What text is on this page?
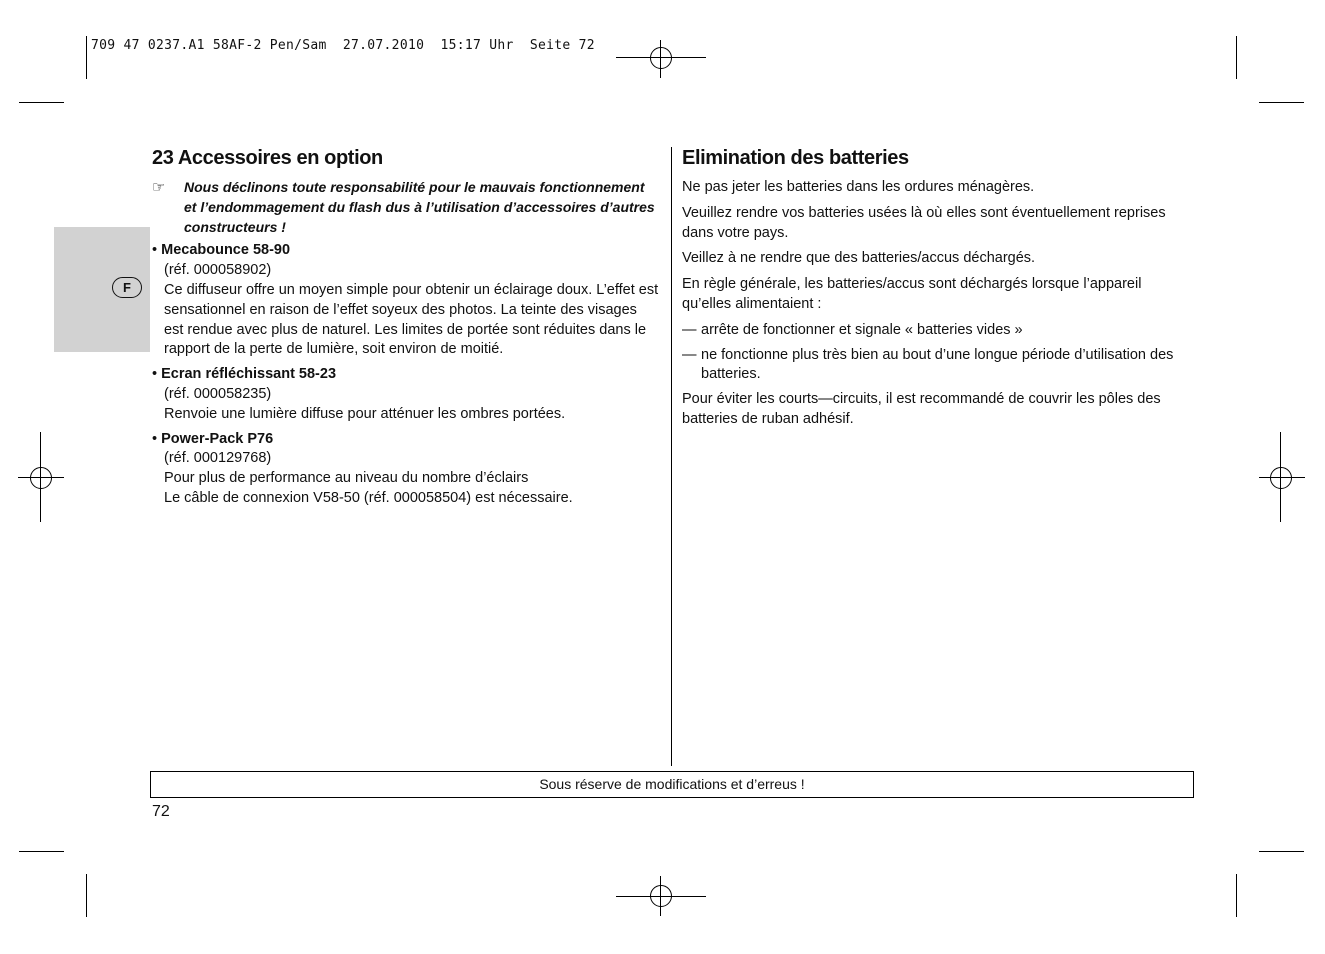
709 47 0237.A1 58AF-2 Pen/Sam  27.07.2010  15:17 Uhr  Seite 72
F
23 Accessoires en option
☞	Nous déclinons toute responsabilité pour le mauvais fonctionnement et l’endommagement du flash dus à l’utilisation d’accessoires d’autres constructeurs !
• Mecabounce 58-90
(réf. 000058902)
Ce diffuseur offre un moyen simple pour obtenir un éclairage doux. L’effet est sensationnel en raison de l’effet soyeux des photos. La teinte des visages est rendue avec plus de naturel. Les limites de portée sont réduites dans le rapport de la perte de lumière, soit environ de moitié.
• Ecran réfléchissant 58-23
(réf. 000058235)
Renvoie une lumière diffuse pour atténuer les ombres portées.
• Power-Pack P76
(réf. 000129768)
Pour plus de performance au niveau du nombre d’éclairs
Le câble de connexion V58-50 (réf. 000058504) est nécessaire.
Elimination des batteries

Ne pas jeter les batteries dans les ordures ménagères.

Veuillez rendre vos batteries usées là où elles sont éventuellement reprises dans votre pays.

Veillez à ne rendre que des batteries/accus déchargés.

En règle générale, les batteries/accus sont déchargés lorsque l’appareil qu’elles alimentaient :

— arrête de fonctionner et signale « batteries vides »
— ne fonctionne plus très bien au bout d’une longue période d’utilisation des batteries.

Pour éviter les courts—circuits, il est recommandé de couvrir les pôles des batteries de ruban adhésif.

Sous réserve de modifications et d’erreus !
72
